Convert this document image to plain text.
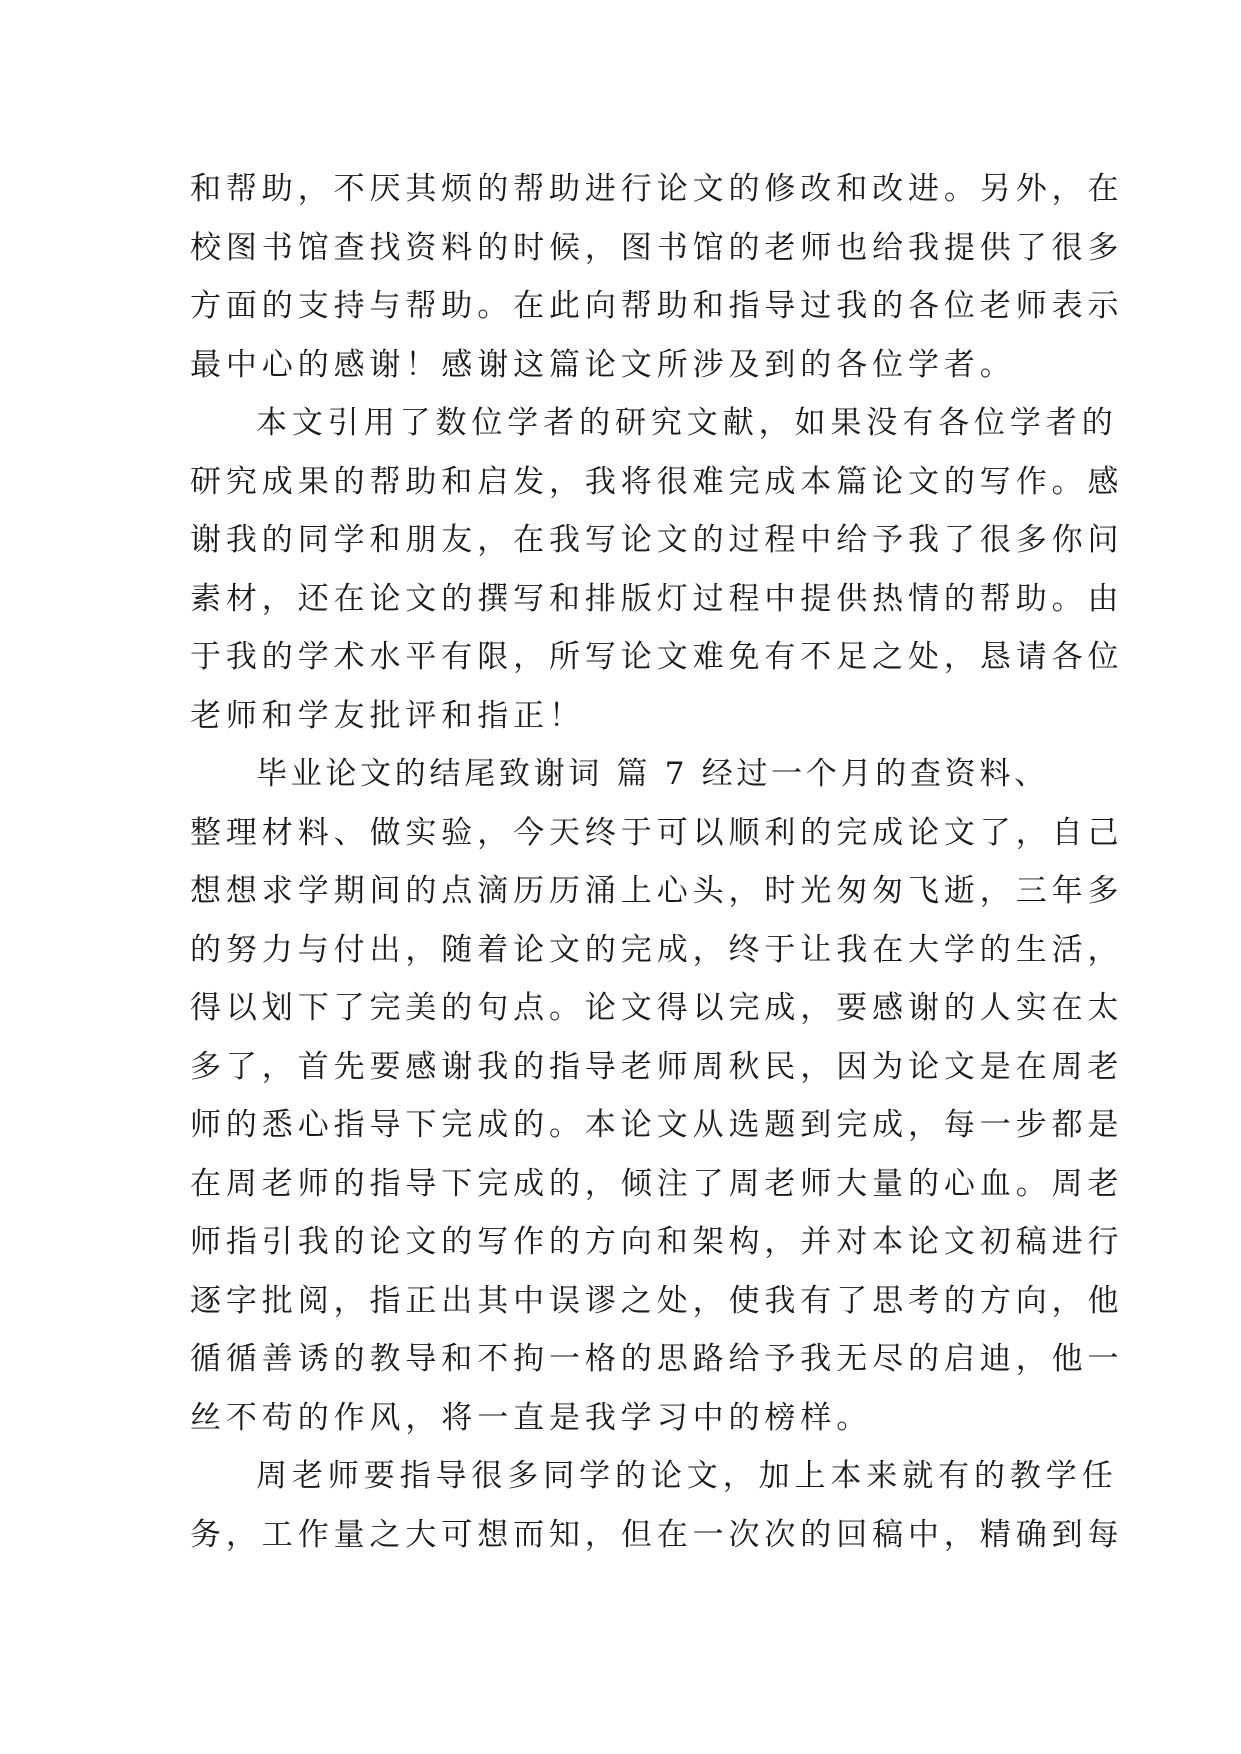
和帮助，不厌其烦的帮助进行论文的修改和改进。另外，在
校图书馆查找资料的时候，图书馆的老师也给我提供了很多
方面的支持与帮助。在此向帮助和指导过我的各位老师表示
最中心的感谢！感谢这篇论文所涉及到的各位学者。
本文引用了数位学者的研究文献，如果没有各位学者的
研究成果的帮助和启发，我将很难完成本篇论文的写作。感
谢我的同学和朋友，在我写论文的过程中给予我了很多你问
素材，还在论文的撰写和排版灯过程中提供热情的帮助。由
于我的学术水平有限，所写论文难免有不足之处，恳请各位
老师和学友批评和指正！
毕业论文的结尾致谢词 篇 7 经过一个月的查资料、
整理材料、做实验，今天终于可以顺利的完成论文了，自己
想想求学期间的点滴历历涌上心头，时光匆匆飞逝，三年多
的努力与付出，随着论文的完成，终于让我在大学的生活，
得以划下了完美的句点。论文得以完成，要感谢的人实在太
多了，首先要感谢我的指导老师周秋民，因为论文是在周老
师的悉心指导下完成的。本论文从选题到完成，每一步都是
在周老师的指导下完成的，倾注了周老师大量的心血。周老
师指引我的论文的写作的方向和架构，并对本论文初稿进行
逐字批阅，指正出其中误谬之处，使我有了思考的方向，他
循循善诱的教导和不拘一格的思路给予我无尽的启迪，他一
丝不苟的作风，将一直是我学习中的榜样。
周老师要指导很多同学的论文，加上本来就有的教学任
务，工作量之大可想而知，但在一次次的回稿中，精确到每
